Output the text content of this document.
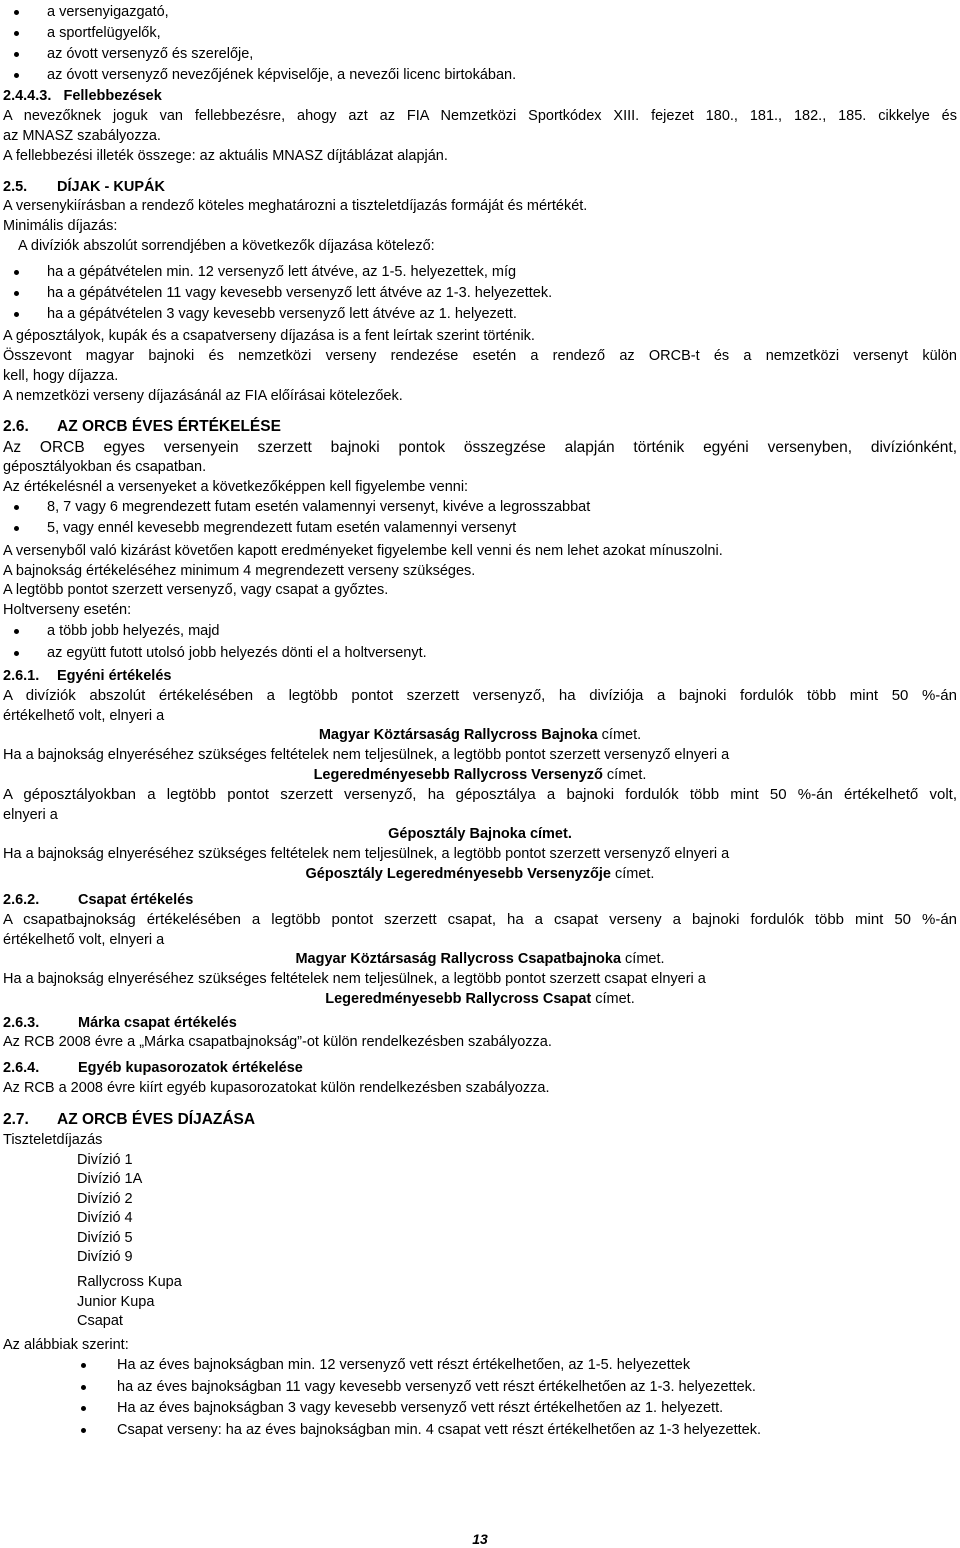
a versenyigazgató,
a sportfelügyelők,
az óvott versenyző és szerelője,
az óvott versenyző nevezőjének képviselője, a nevezői licenc birtokában.
2.4.4.3. Fellebbezések
A nevezőknek joguk van fellebbezésre, ahogy azt az FIA Nemzetközi Sportkódex XIII. fejezet 180., 181., 182., 185. cikkelye és
az MNASZ szabályozza.
A fellebbezési illeték összege: az aktuális MNASZ díjtáblázat alapján.
2.5. DÍJAK - KUPÁK
A versenykiírásban a rendező köteles meghatározni a tiszteletdíjazás formáját és mértékét.
Minimális díjazás:
A divíziók abszolút sorrendjében a következők díjazása kötelező:
ha a gépátvételen min. 12 versenyző lett átvéve, az 1-5. helyezettek, míg
ha a gépátvételen 11 vagy kevesebb versenyző lett átvéve az 1-3. helyezettek.
ha a gépátvételen 3 vagy kevesebb versenyző lett átvéve az 1. helyezett.
A géposztályok, kupák és a csapatverseny díjazása is a fent leírtak szerint történik.
Összevont magyar bajnoki és nemzetközi verseny rendezése esetén a rendező az ORCB-t és a nemzetközi versenyt külön
kell, hogy díjazza.
A nemzetközi verseny díjazásánál az FIA előírásai kötelezőek.
2.6. AZ ORCB ÉVES ÉRTÉKELÉSE
Az ORCB egyes versenyein szerzett bajnoki pontok összegzése alapján történik egyéni versenyben, divíziónként,
géposztályokban és csapatban.
Az értékelésnél a versenyeket a következőképpen kell figyelembe venni:
8, 7 vagy 6 megrendezett futam esetén valamennyi versenyt, kivéve a legrosszabbat
5, vagy ennél kevesebb megrendezett futam esetén valamennyi versenyt
A versenyből való kizárást követően kapott eredményeket figyelembe kell venni és nem lehet azokat mínuszolni.
A bajnokság értékeléséhez minimum 4 megrendezett verseny szükséges.
A legtöbb pontot szerzett versenyző, vagy csapat a győztes.
Holtverseny esetén:
a több jobb helyezés, majd
az együtt futott utolsó jobb helyezés dönti el a holtversenyt.
2.6.1. Egyéni értékelés
A divíziók abszolút értékelésében a legtöbb pontot szerzett versenyző, ha divíziója a bajnoki fordulók több mint 50 %-án
értékelhető volt, elnyeri a
Magyar Köztársaság Rallycross Bajnoka címet.
Ha a bajnokság elnyeréséhez szükséges feltételek nem teljesülnek, a legtöbb pontot szerzett versenyző elnyeri a
Legeredményesebb Rallycross Versenyző címet.
A géposztályokban a legtöbb pontot szerzett versenyző, ha géposztálya a bajnoki fordulók több mint 50 %-án értékelhető volt,
elnyeri a
Géposztály Bajnoka címet.
Ha a bajnokság elnyeréséhez szükséges feltételek nem teljesülnek, a legtöbb pontot szerzett versenyző elnyeri a
Géposztály Legeredményesebb Versenyzője címet.
2.6.2.	Csapat értékelés
A csapatbajnokság értékelésében a legtöbb pontot szerzett csapat, ha a csapat verseny a bajnoki fordulók több mint 50 %-án
értékelhető volt, elnyeri a
Magyar Köztársaság Rallycross Csapatbajnoka címet.
Ha a bajnokság elnyeréséhez szükséges feltételek nem teljesülnek, a legtöbb pontot szerzett csapat elnyeri a
Legeredményesebb Rallycross Csapat címet.
2.6.3.	Márka csapat értékelés
Az RCB 2008 évre a „Márka csapatbajnokság”-ot külön rendelkezésben szabályozza.
2.6.4.	Egyéb kupasorozatok értékelése
Az RCB a 2008 évre kiírt egyéb kupasorozatokat külön rendelkezésben szabályozza.
2.7. AZ ORCB ÉVES DÍJAZÁSA
Tiszteletdíjazás
Divízió 1
Divízió 1A
Divízió 2
Divízió 4
Divízió 5
Divízió 9
Rallycross Kupa
Junior Kupa
Csapat
Az alábbiak szerint:
Ha az éves bajnokságban min. 12 versenyző vett részt értékelhetően, az 1-5. helyezettek
ha az éves bajnokságban 11 vagy kevesebb versenyző vett részt értékelhetően az 1-3. helyezettek.
Ha az éves bajnokságban 3 vagy kevesebb versenyző vett részt értékelhetően az 1. helyezett.
Csapat verseny: ha az éves bajnokságban min. 4 csapat vett részt értékelhetően az 1-3 helyezettek.
13
